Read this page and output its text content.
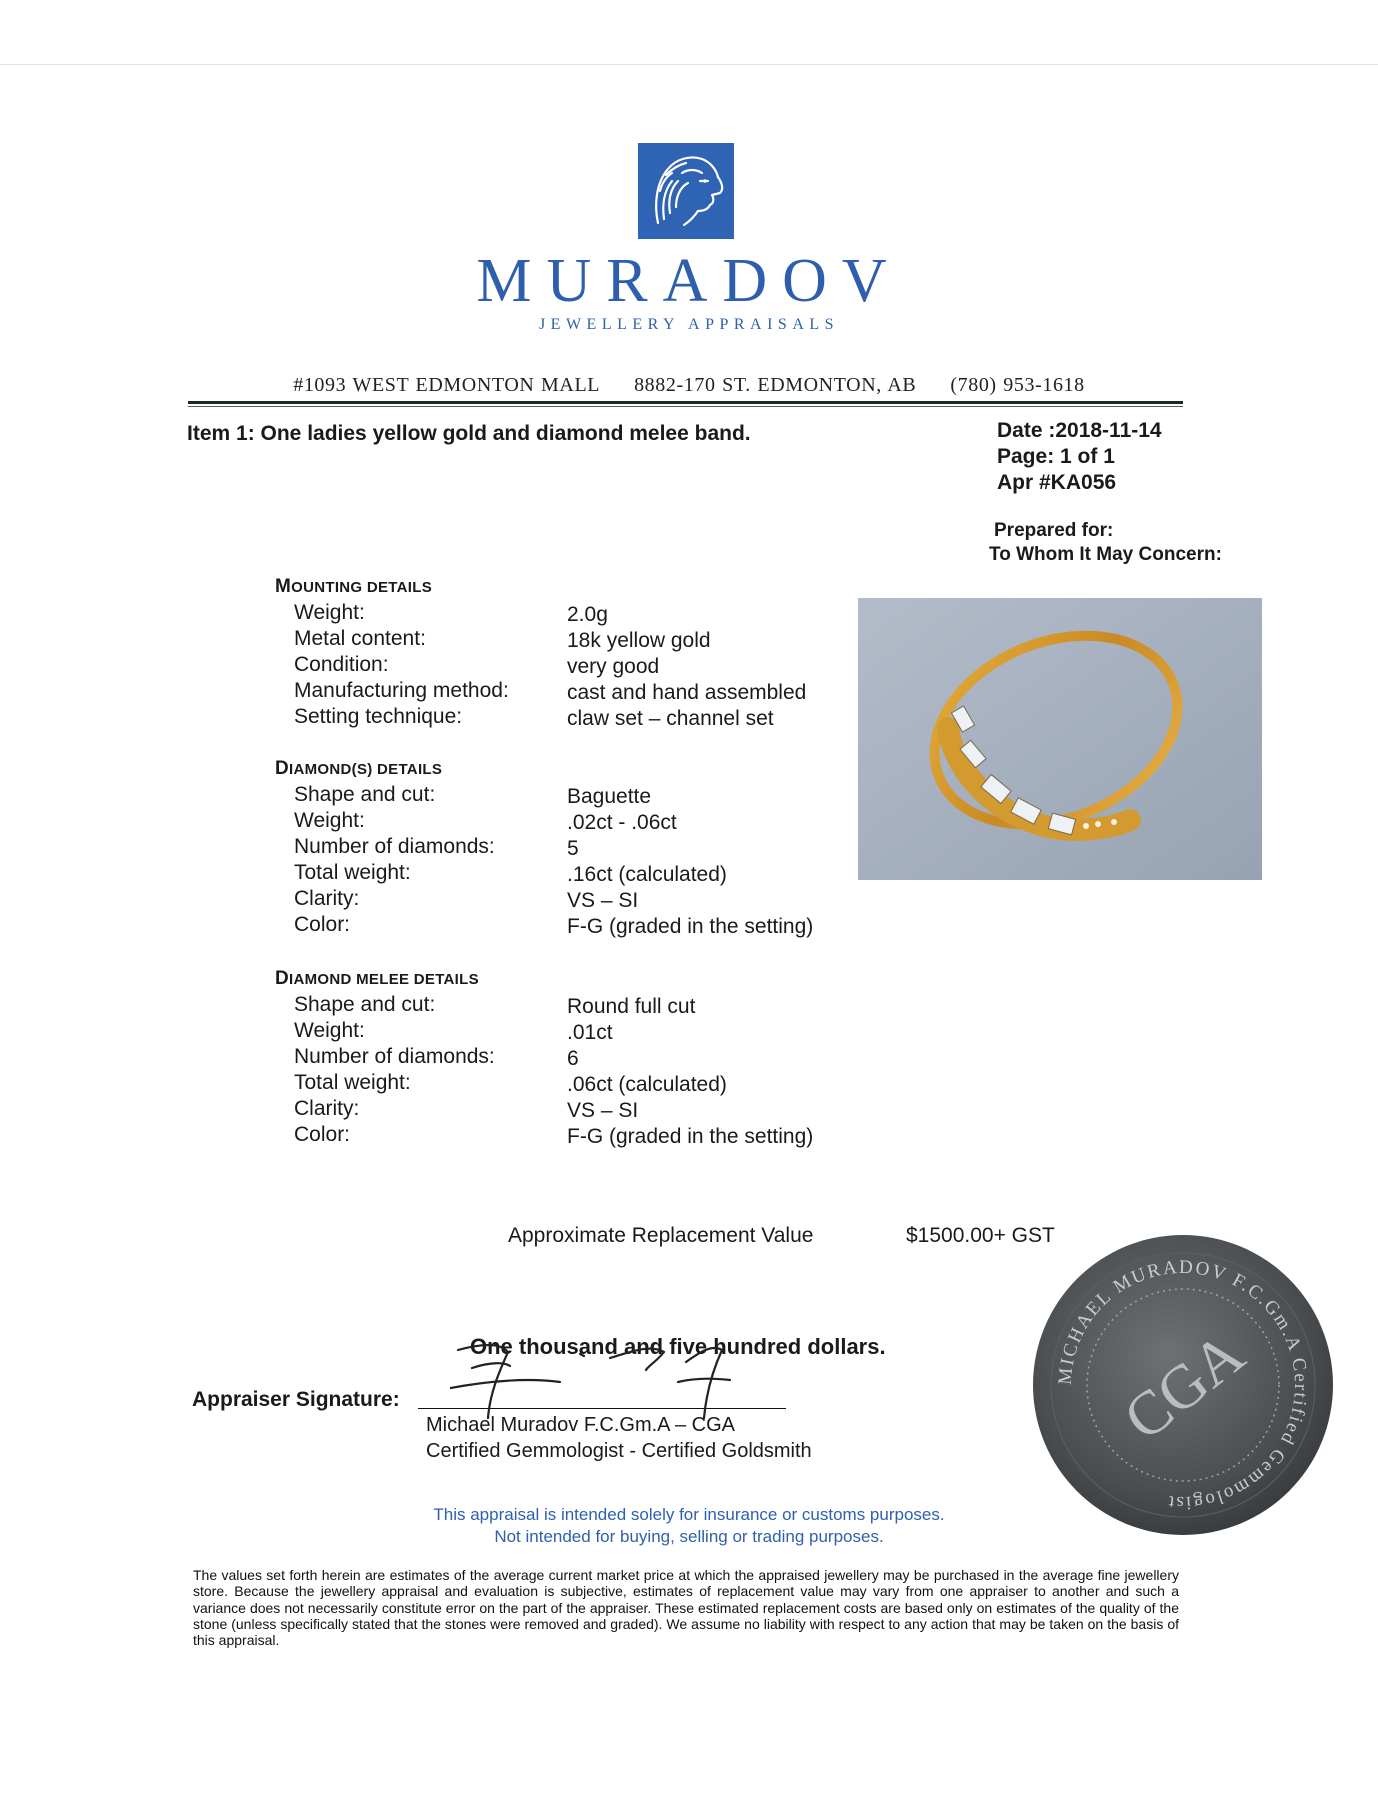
MURADOV
JEWELLERY APPRAISALS
#1093 WEST EDMONTON MALL 8882-170 ST. EDMONTON, AB (780) 953-1618
Item 1: One ladies yellow gold and diamond melee band.	Date :2018-11-14
Page: 1 of 1
Apr #KA056
Prepared for:
To Whom It May Concern:
MOUNTING DETAILS
Weight:	2.0g
Metal content:	18k yellow gold
Condition:	very good
Manufacturing method:	cast and hand assembled
Setting technique:	claw set – channel set
DIAMOND(S) DETAILS
Shape and cut:	Baguette
Weight:	.02ct - .06ct
Number of diamonds:	5
Total weight:	.16ct (calculated)
Clarity:	VS – SI
Color:	F-G (graded in the setting)
DIAMOND MELEE DETAILS
Shape and cut:	Round full cut
Weight:	.01ct
Number of diamonds:	6
Total weight:	.06ct (calculated)
Clarity:	VS – SI
Color:	F-G (graded in the setting)
Approximate Replacement Value	$1500.00+ GST
One thousand and five hundred dollars.
Appraiser Signature:
Michael Muradov F.C.Gm.A – CGA
Certified Gemmologist - Certified Goldsmith
MICHAEL MURADOV F.C.Gm.A Certified Gemmologist
CGA
This appraisal is intended solely for insurance or customs purposes.
Not intended for buying, selling or trading purposes.
The values set forth herein are estimates of the average current market price at which the appraised jewellery may be purchased in the average fine jewellery store. Because the jewellery appraisal and evaluation is subjective, estimates of replacement value may vary from one appraiser to another and such a variance does not necessarily constitute error on the part of the appraiser. These estimated replacement costs are based only on estimates of the quality of the stone (unless specifically stated that the stones were removed and graded). We assume no liability with respect to any action that may be taken on the basis of this appraisal.
